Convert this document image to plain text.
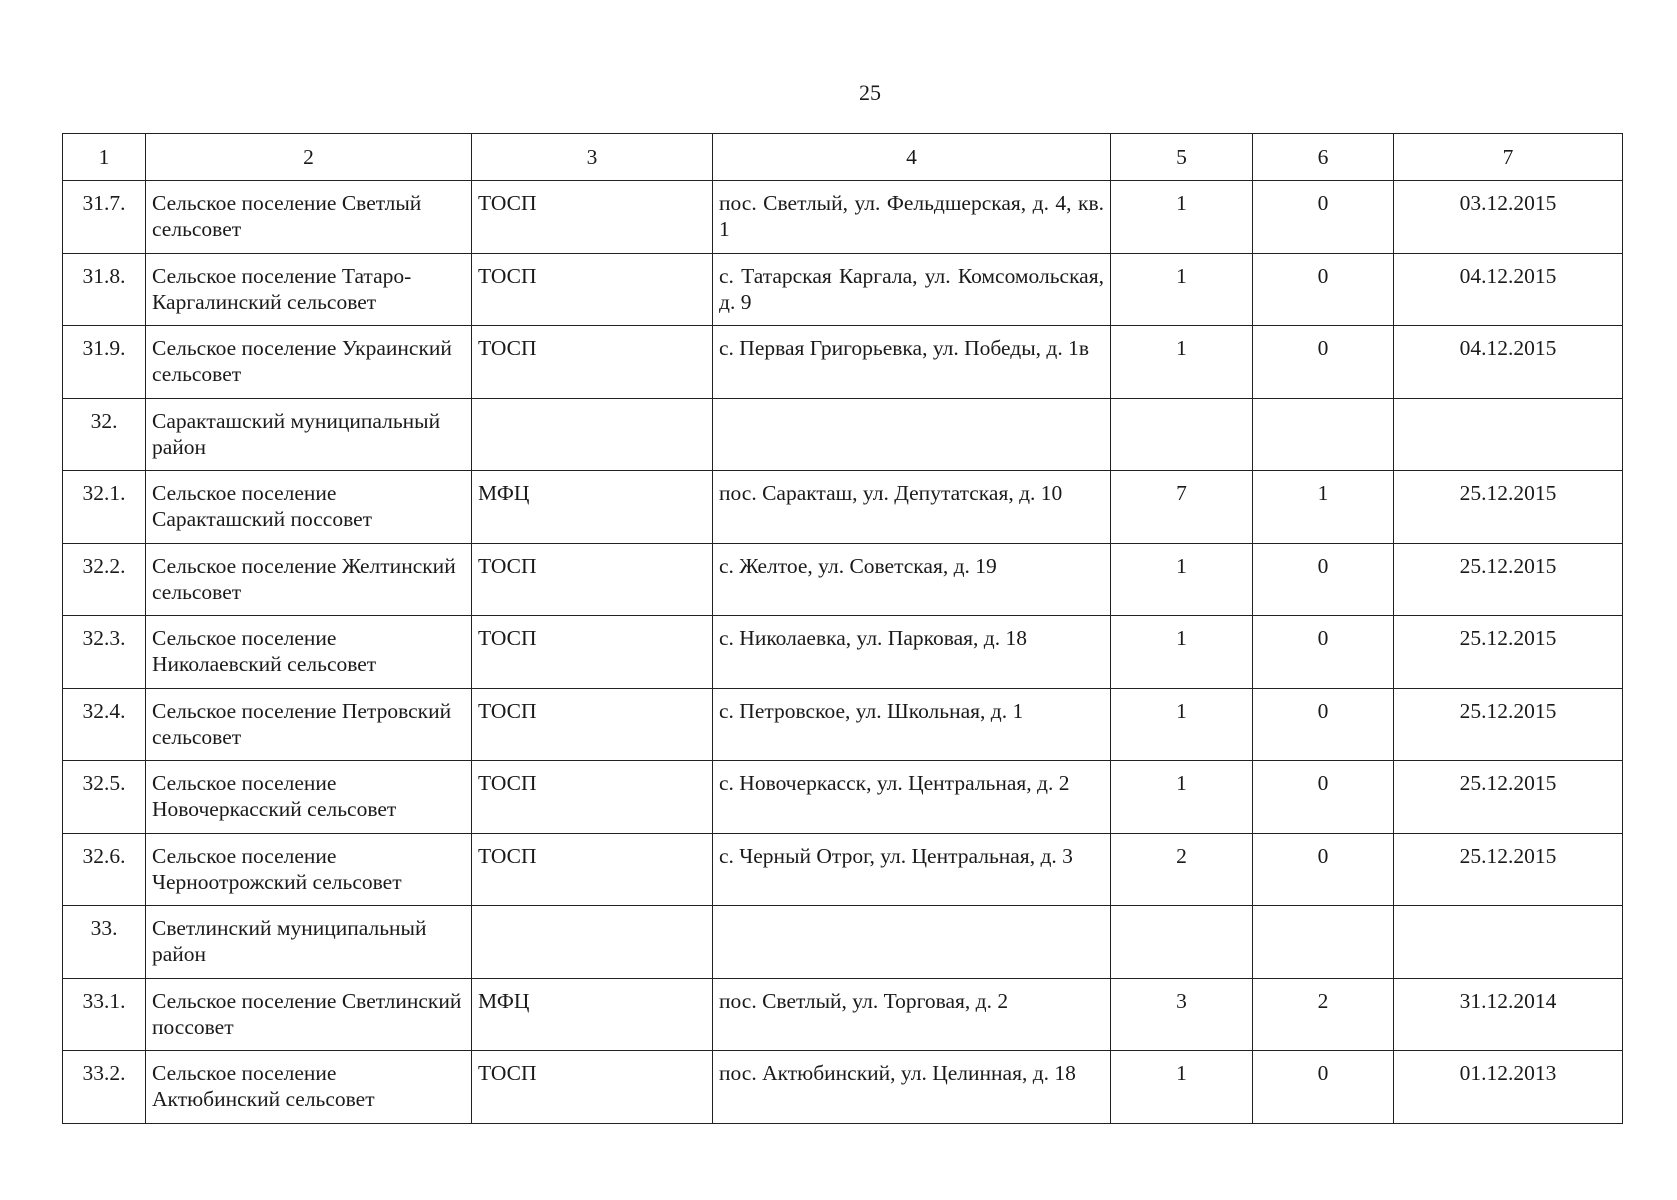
25
1	2	3	4	5	6	7
31.7.	Сельское поселение Светлый сельсовет	ТОСП	пос. Светлый, ул. Фельдшерская, д. 4, кв. 1	1	0	03.12.2015
31.8.	Сельское поселение Татаро-Каргалинский сельсовет	ТОСП	с. Татарская Каргала, ул. Комсомольская, д. 9	1	0	04.12.2015
31.9.	Сельское поселение Украинский сельсовет	ТОСП	с. Первая Григорьевка, ул. Победы, д. 1в	1	0	04.12.2015
32.	Саракташский муниципальный район					
32.1.	Сельское поселение Саракташский поссовет	МФЦ	пос. Саракташ, ул. Депутатская, д. 10	7	1	25.12.2015
32.2.	Сельское поселение Желтинский сельсовет	ТОСП	с. Желтое, ул. Советская, д. 19	1	0	25.12.2015
32.3.	Сельское поселение Николаевский сельсовет	ТОСП	с. Николаевка, ул. Парковая, д. 18	1	0	25.12.2015
32.4.	Сельское поселение Петровский сельсовет	ТОСП	с. Петровское, ул. Школьная, д. 1	1	0	25.12.2015
32.5.	Сельское поселение Новочеркасский сельсовет	ТОСП	с. Новочеркасск, ул. Центральная, д. 2	1	0	25.12.2015
32.6.	Сельское поселение Черноотрожский сельсовет	ТОСП	с. Черный Отрог, ул. Центральная, д. 3	2	0	25.12.2015
33.	Светлинский муниципальный район					
33.1.	Сельское поселение Светлинский поссовет	МФЦ	пос. Светлый, ул. Торговая, д. 2	3	2	31.12.2014
33.2.	Сельское поселение Актюбинский сельсовет	ТОСП	пос. Актюбинский, ул. Целинная, д. 18	1	0	01.12.2013
